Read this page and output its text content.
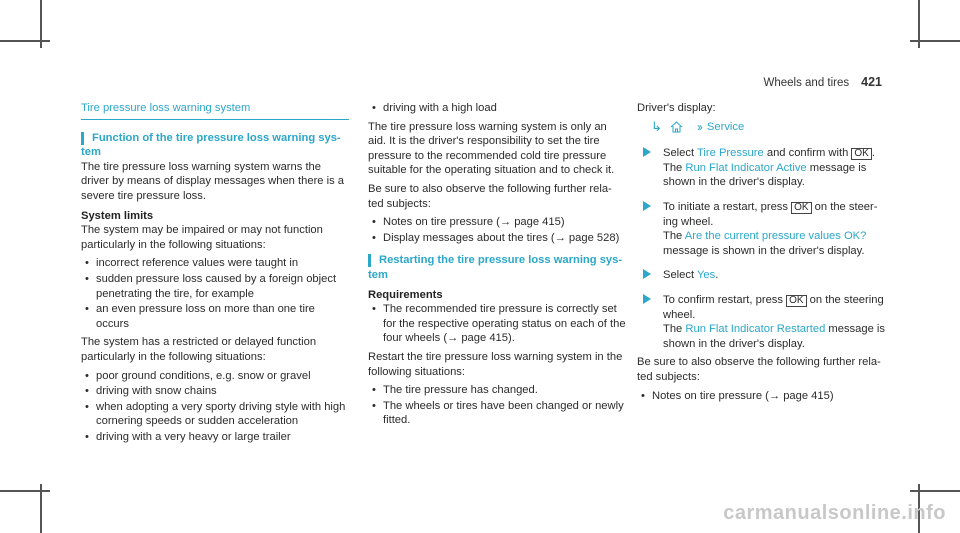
Wheels and tires 421
Tire pressure loss warning system
Function of the tire pressure loss warning sys-
tem

The tire pressure loss warning system warns the driver by means of display messages when there is a severe tire pressure loss.

System limits

The system may be impaired or may not function particularly in the following situations:

• incorrect reference values were taught in
• sudden pressure loss caused by a foreign object penetrating the tire, for example
• an even pressure loss on more than one tire occurs

The system has a restricted or delayed function particularly in the following situations:

• poor ground conditions, e.g. snow or gravel
• driving with snow chains
• when adopting a very sporty driving style with high cornering speeds or sudden acceleration
• driving with a very heavy or large trailer
• driving with a high load

The tire pressure loss warning system is only an aid. It is the driver's responsibility to set the tire pressure to the recommended cold tire pressure suitable for the operating situation and to check it.

Be sure to also observe the following further rela-ted subjects:

• Notes on tire pressure (→ page 415)
• Display messages about the tires (→ page 528)
Restarting the tire pressure loss warning sys-
tem
Requirements
• The recommended tire pressure is correctly set for the respective operating status on each of the four wheels (→ page 415).

Restart the tire pressure loss warning system in the following situations:

• The tire pressure has changed.
• The wheels or tires have been changed or newly fitted.

Driver's display:

↳	›› Service
Select Tire Pressure and confirm with OK .
The Run Flat Indicator Active message is shown in the driver's display.
To initiate a restart, press OK on the steer-ing wheel.
The Are the current pressure values OK? message is shown in the driver's display.
Select Yes.
To confirm restart, press OK on the steering wheel.
The Run Flat Indicator Restarted message is shown in the driver's display.

Be sure to also observe the following further rela-ted subjects:

• Notes on tire pressure (→ page 415)
carmanualsonline.info
